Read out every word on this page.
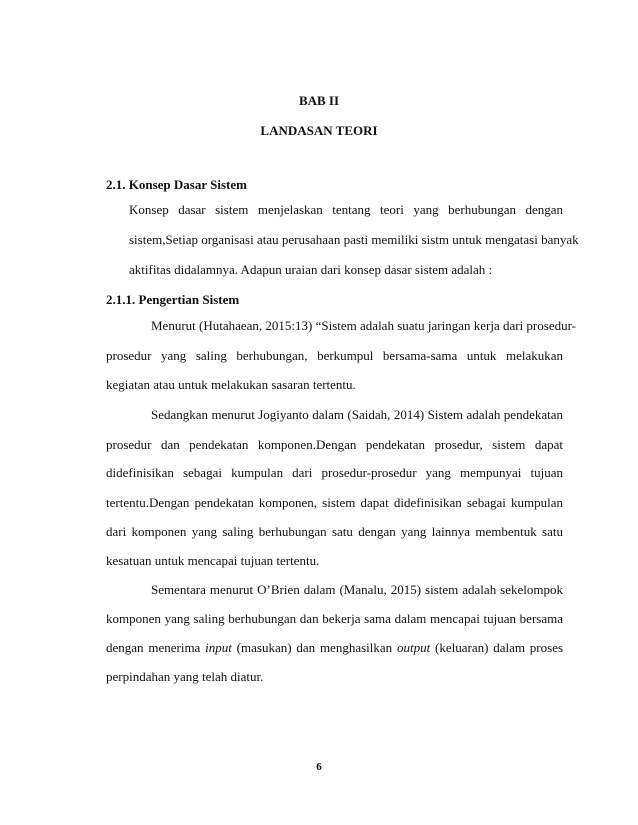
BAB II
LANDASAN TEORI
2.1. Konsep Dasar Sistem
Konsep dasar sistem menjelaskan tentang teori yang berhubungan dengan
sistem,Setiap organisasi atau perusahaan pasti memiliki sistm untuk mengatasi banyak
aktifitas didalamnya. Adapun uraian dari konsep dasar sistem adalah :
2.1.1. Pengertian Sistem
Menurut (Hutahaean, 2015:13) “Sistem adalah suatu jaringan kerja dari prosedur-
prosedur yang saling berhubungan, berkumpul bersama-sama untuk melakukan
kegiatan atau untuk melakukan sasaran tertentu.
Sedangkan menurut Jogiyanto dalam (Saidah, 2014) Sistem adalah pendekatan
prosedur dan pendekatan komponen.Dengan pendekatan prosedur, sistem dapat
didefinisikan sebagai kumpulan dari prosedur-prosedur yang mempunyai tujuan
tertentu.Dengan pendekatan komponen, sistem dapat didefinisikan sebagai kumpulan
dari komponen yang saling berhubungan satu dengan yang lainnya membentuk satu
kesatuan untuk mencapai tujuan tertentu.
Sementara menurut O’Brien dalam (Manalu, 2015) sistem adalah sekelompok
komponen yang saling berhubungan dan bekerja sama dalam mencapai tujuan bersama
dengan menerima input (masukan) dan menghasilkan output (keluaran) dalam proses
perpindahan yang telah diatur.
6
